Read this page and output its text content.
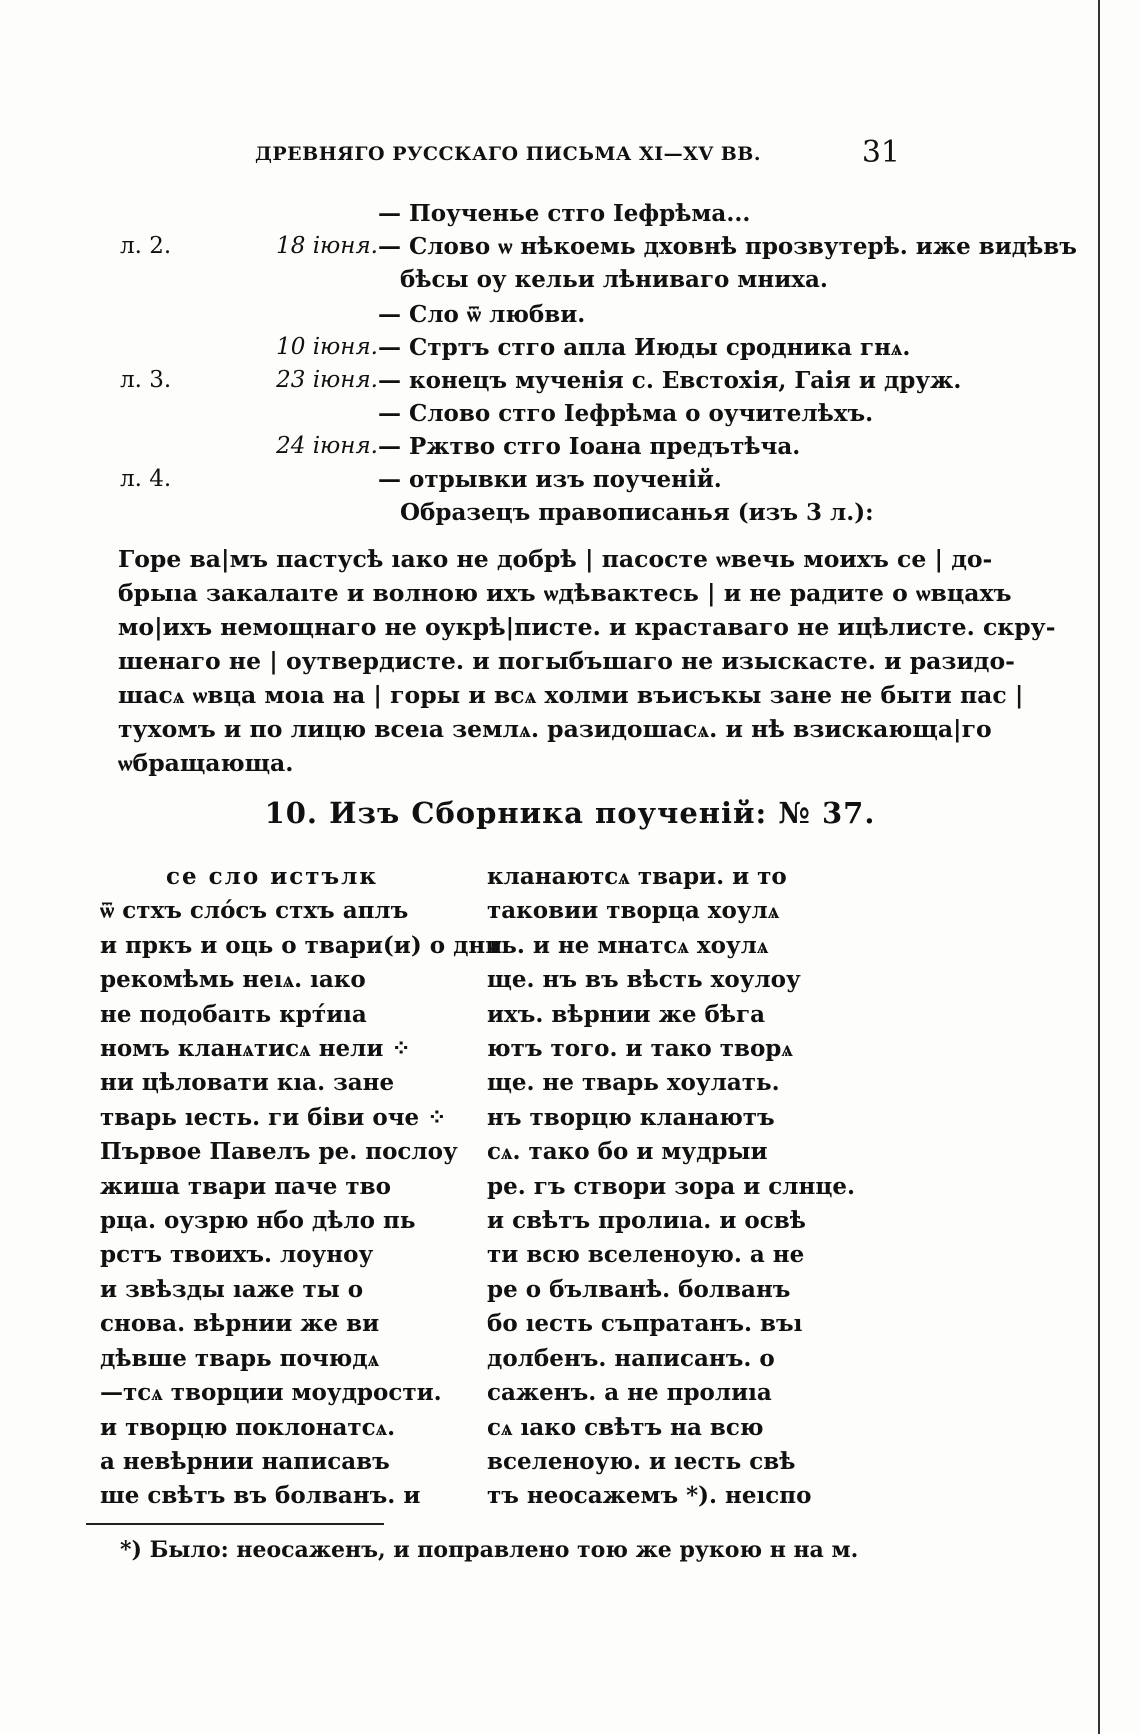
ДРЕВНЯГО РУССКАГО ПИСЬМА XI—XV ВВ.	31
— Поученье стго Iефрѣма...
л. 2.	18 iюня. — Слово ѡ нѣкоемь дховнѣ прозвутерѣ. иже видѣвъ
бѣсы оу кельи лѣниваго мниха.
— Сло ѿ любви.
10 iюня. — Стртъ стго апла Июды сродника гнѧ.
л. 3.	23 iюня. — конецъ мученiя с. Евстохiя, Гаiя и друж.
— Слово стго Iефрѣма о оучителѣхъ.
24 iюня. — Ржтво стго Iоана предътѣча.
л. 4.	— отрывки изъ поученiй.
Образецъ правописанья (изъ 3 л.):
Горе ва|мъ пастусѣ ıако не добрѣ | пасосте ѡвечь моихъ се | до-
брыıа закалаıте и волною ихъ ѡдѣвактесь | и не радите о ѡвцахъ
мо|ихъ немощнаго не оукрѣ|писте. и краставаго не ицѣлисте. скру-
шенаго не | оутвердисте. и погыбъшаго не изыскасте. и разидо-
шасѧ ѡвца моıа на | горы и всѧ холми въисъкы зане не быти пас |
тухомъ и по лицю всеıа землѧ. разидошасѧ. и нѣ взискающа|го
ѡбращающа.
10. Изъ Сборника поученiй: № 37.
се сло истълк
ѿ стхъ сло́съ стхъ аплъ
и пркъ и оць о твари(и) о дни
рекомѣмь неıѧ. ıако
не подобаıть крт́иıа
номъ кланѧтисѧ нели ⁘
ни цѣловати кıа. зане
тварь ıесть. ги бiви оче ⁘
Първое Павелъ ре. послоу
жиша твари паче тво
рца. оузрю нбо дѣло пь
рстъ твоихъ. лоуноу
и звѣзды ıаже ты о
снова. вѣрнии же ви
дѣвше тварь почюдѧ
—тсѧ творции моудрости.
и творцю поклонатсѧ.
а невѣрнии написавъ
ше свѣтъ въ болванъ. и
кланаютсѧ твари. и то
таковии творца хоулѧ
ть. и не мнатсѧ хоулѧ
ще. нъ въ вѣсть хоулоу
ихъ. вѣрнии же бѣга
ютъ того. и тако творѧ
ще. не тварь хоулать.
нъ творцю кланаютъ
сѧ. тако бо и мудрыи
ре. гъ створи зора и слнце.
и свѣтъ пролиıа. и освѣ
ти всю вселеноую. а не
ре о бълванѣ. болванъ
бо ıесть съпратанъ. въı
долбенъ. написанъ. о
саженъ. а не пролиıа
сѧ ıако свѣтъ на всю
вселеноую. и ıесть свѣ
тъ неосажемъ *). неıспо
*) Было: неосаженъ, и поправлено тою же рукою н на м.
